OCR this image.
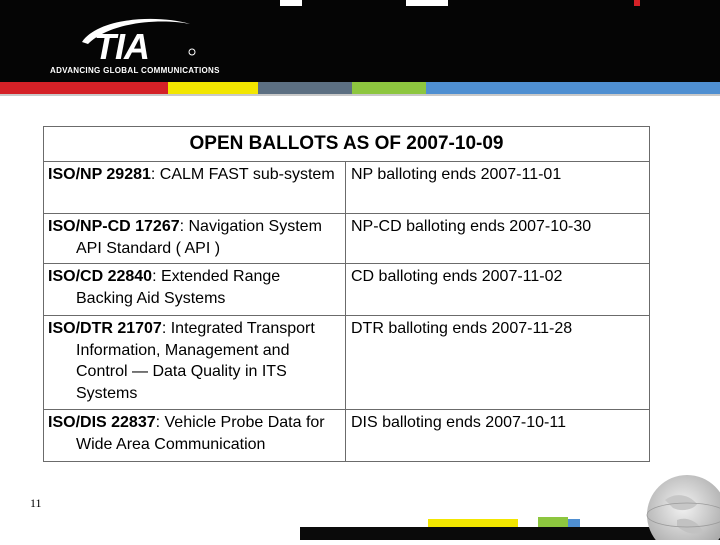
TIA
ADVANCING GLOBAL COMMUNICATIONS
OPEN BALLOTS AS OF 2007-10-09	

ISO/NP 29281: CALM FAST sub-system	NP balloting ends 2007-11-01

ISO/NP-CD 17267: Navigation System API Standard ( API )	NP-CD balloting ends 2007-10-30

ISO/CD 22840: Extended Range Backing Aid Systems	CD balloting ends 2007-11-02

ISO/DTR 21707: Integrated Transport Information, Management and Control — Data Quality in ITS Systems	DTR balloting ends 2007-11-28

ISO/DIS 22837: Vehicle Probe Data for Wide Area Communication	DIS balloting ends 2007-10-11
11
